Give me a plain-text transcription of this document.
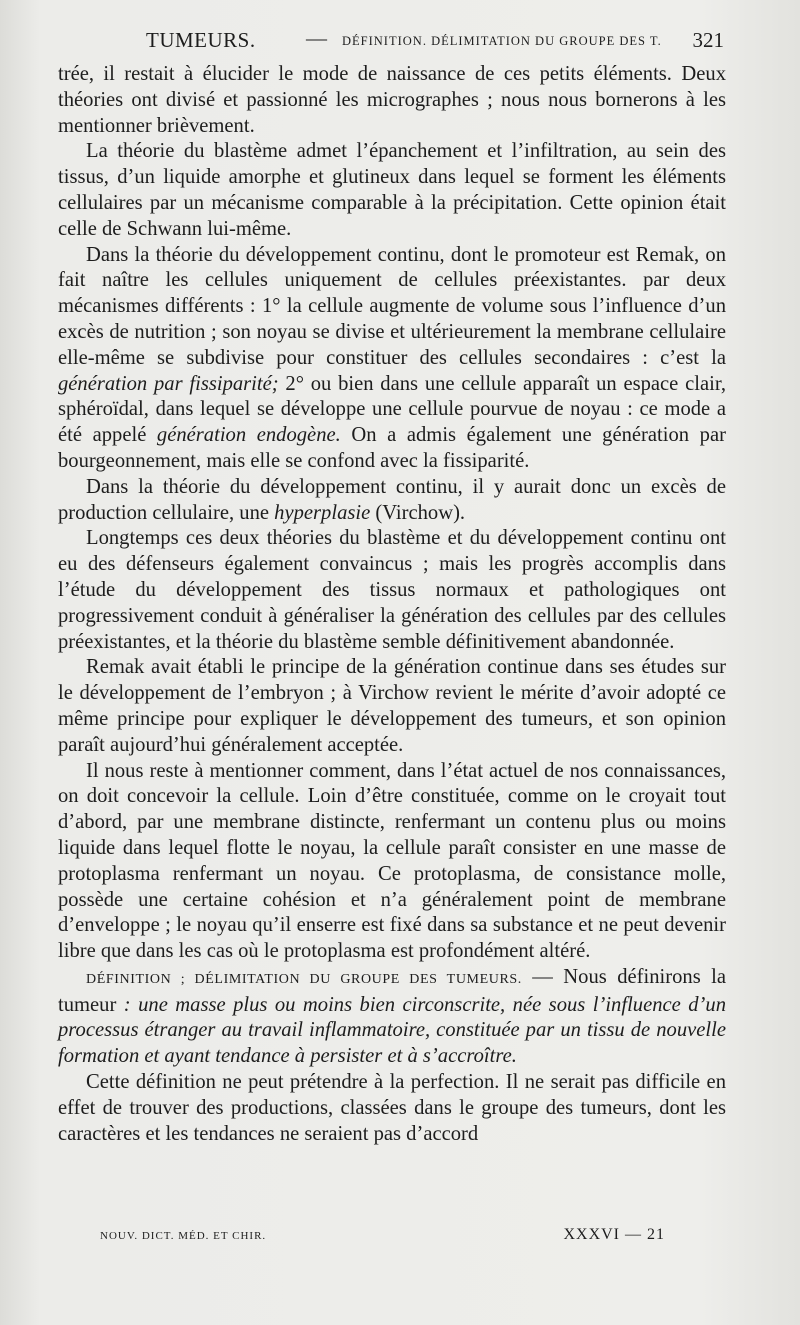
TUMEURS. — DÉFINITION. DÉLIMITATION DU GROUPE DES T. 321

trée, il restait à élucider le mode de naissance de ces petits éléments. Deux théories ont divisé et passionné les micrographes ; nous nous bornerons à les mentionner brièvement.

La théorie du blastème admet l’épanchement et l’infiltration, au sein des tissus, d’un liquide amorphe et glutineux dans lequel se forment les éléments cellulaires par un mécanisme comparable à la précipitation. Cette opinion était celle de Schwann lui-même.

Dans la théorie du développement continu, dont le promoteur est Remak, on fait naître les cellules uniquement de cellules préexistantes. par deux mécanismes différents : 1° la cellule augmente de volume sous l’influence d’un excès de nutrition ; son noyau se divise et ultérieurement la membrane cellulaire elle-même se subdivise pour constituer des cellules secondaires : c’est la génération par fissiparité; 2° ou bien dans une cellule apparaît un espace clair, sphéroïdal, dans lequel se développe une cellule pourvue de noyau : ce mode a été appelé génération endogène. On a admis également une génération par bourgeonnement, mais elle se confond avec la fissiparité.

Dans la théorie du développement continu, il y aurait donc un excès de production cellulaire, une hyperplasie (Virchow).

Longtemps ces deux théories du blastème et du développement continu ont eu des défenseurs également convaincus ; mais les progrès accomplis dans l’étude du développement des tissus normaux et pathologiques ont progressivement conduit à généraliser la génération des cellules par des cellules préexistantes, et la théorie du blastème semble définitivement abandonnée.

Remak avait établi le principe de la génération continue dans ses études sur le développement de l’embryon ; à Virchow revient le mérite d’avoir adopté ce même principe pour expliquer le développement des tumeurs, et son opinion paraît aujourd’hui généralement acceptée.

Il nous reste à mentionner comment, dans l’état actuel de nos connaissances, on doit concevoir la cellule. Loin d’être constituée, comme on le croyait tout d’abord, par une membrane distincte, renfermant un contenu plus ou moins liquide dans lequel flotte le noyau, la cellule paraît consister en une masse de protoplasma renfermant un noyau. Ce protoplasma, de consistance molle, possède une certaine cohésion et n’a généralement point de membrane d’enveloppe ; le noyau qu’il enserre est fixé dans sa substance et ne peut devenir libre que dans les cas où le protoplasma est profondément altéré.

DÉFINITION ; DÉLIMITATION DU GROUPE DES TUMEURS. — Nous définirons la tumeur : une masse plus ou moins bien circonscrite, née sous l’influence d’un processus étranger au travail inflammatoire, constituée par un tissu de nouvelle formation et ayant tendance à persister et à s’accroître.

Cette définition ne peut prétendre à la perfection. Il ne serait pas difficile en effet de trouver des productions, classées dans le groupe des tumeurs, dont les caractères et les tendances ne seraient pas d’accord

NOUV. DICT. MÉD. ET CHIR.	XXXVI — 21
